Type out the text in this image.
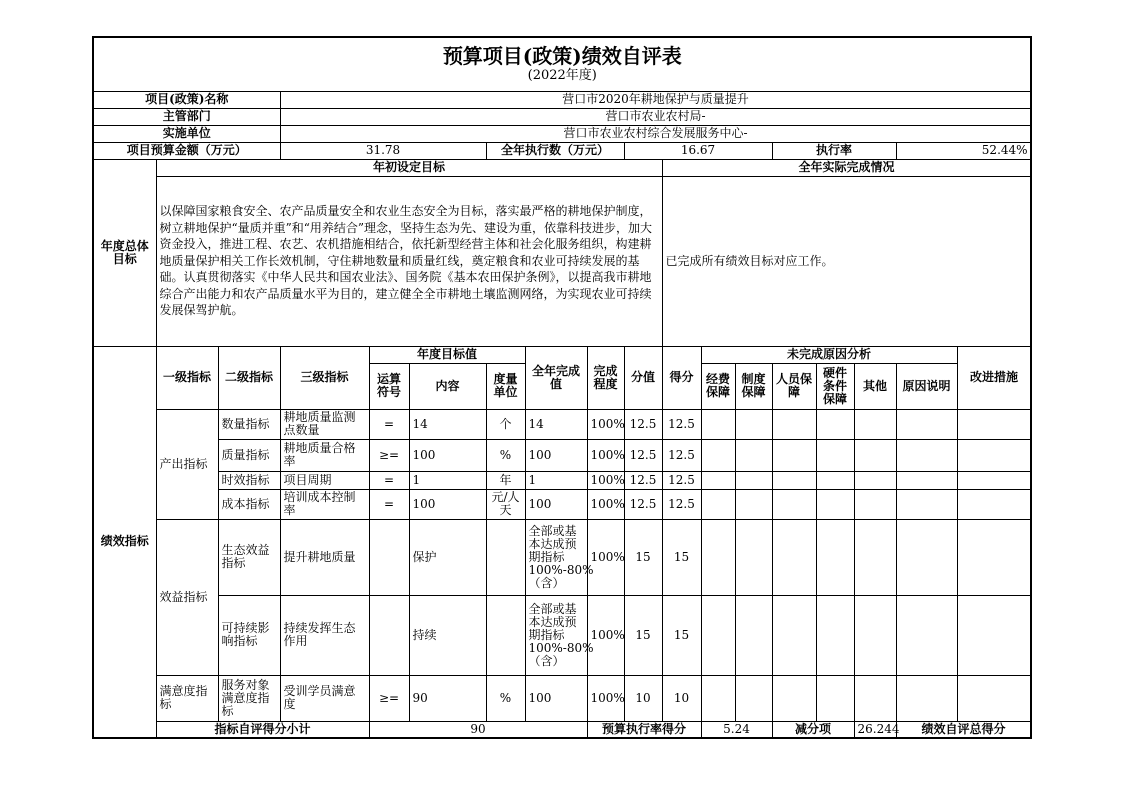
预算项目(政策)绩效自评表
(2022年度)																		

项目(政策)名称			营口市2020年耕地保护与质量提升															
主管部门			营口市农业农村局-															
实施单位			营口市农业农村综合发展服务中心-															
项目预算金额（万元）			31.78			全年执行数（万元）			16.67				执行率			52.44%		
年度总体目标	年初设定目标									全年实际完成情况								
	以保障国家粮食安全、农产品质量安全和农业生态安全为目标，落实最严格的耕地保护制度，树立耕地保护“量质并重”和“用养结合”理念，坚持生态为先、建设为重，依靠科技进步，加大资金投入，推进工程、农艺、农机措施相结合，依托新型经营主体和社会化服务组织，构建耕地质量保护相关工作长效机制，守住耕地数量和质量红线，奠定粮食和农业可持续发展的基础。认真贯彻落实《中华人民共和国农业法》、国务院《基本农田保护条例》，以提高我市耕地综合产出能力和农产品质量水平为目的，建立健全全市耕地土壤监测网络，为实现农业可持续发展保驾护航。									已完成所有绩效目标对应工作。								
绩效指标	一级指标	二级指标	三级指标	年度目标值			全年完成值	完成程度	分值	得分	未完成原因分析						改进措施	
				运算符号	内容	度量单位					经费保障	制度保障	人员保障	硬件条件保障	其他	原因说明		

	产出指标	数量指标	耕地质量监测点数量	=	14	个	14	100%	12.5	12.5								
		质量指标	耕地质量合格率	≥=	100	%	100	100%	12.5	12.5								
		时效指标	项目周期	=	1	年	1	100%	12.5	12.5								
		成本指标	培训成本控制率	=	100	元/人天	100	100%	12.5	12.5								
	效益指标	生态效益指标	提升耕地质量		保护		全部或基本达成预期指标100%-80%（含）	100%	15	15								
		可持续影响指标	持续发挥生态作用		持续		全部或基本达成预期指标100%-80%（含）	100%	15	15								
	满意度指标	服务对象满意度指标	受训学员满意度	≥=	90	%	100	100%	10	10								
	指标自评得分小计			90				预算执行率得分			5.24		减分项		26.244	绩效自评总得分	
